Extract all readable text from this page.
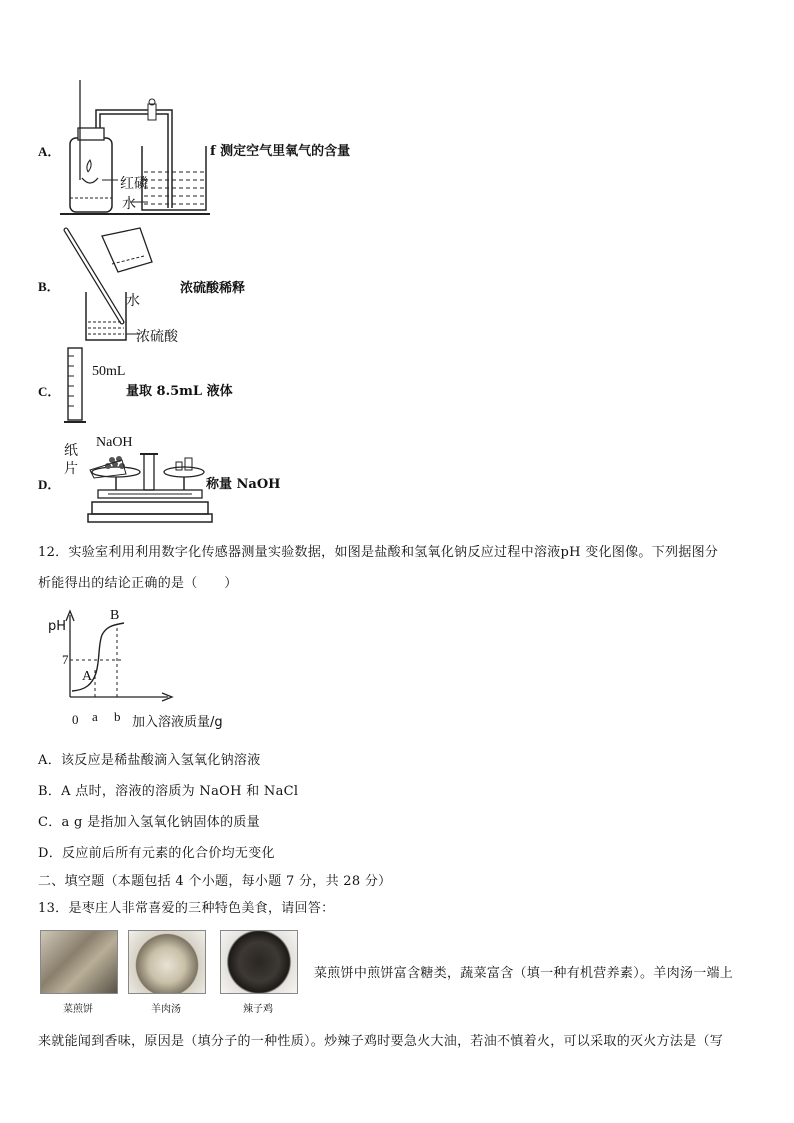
A．
红磷
水
f 测定空气里氧气的含量
B．
水
浓硫酸
浓硫酸稀释
C．
50mL
量取 8.5mL 液体
D．
纸
片
NaOH
称量 NaOH
12．实验室利用利用数字化传感器测量实验数据，如图是盐酸和氢氧化钠反应过程中溶液pH 变化图像。下列据图分
析能得出的结论正确的是（　　）
pH
7
A
B
0 a b 加入溶液质量/g
A．该反应是稀盐酸滴入氢氧化钠溶液
B．A 点时，溶液的溶质为 NaOH 和 NaCl
C．a g 是指加入氢氧化钠固体的质量
D．反应前后所有元素的化合价均无变化
二、填空题（本题包括 4 个小题，每小题 7 分，共 28 分）
13．是枣庄人非常喜爱的三种特色美食，请回答：
菜煎饼	羊肉汤	辣子鸡
菜煎饼中煎饼富含糖类，蔬菜富含（填一种有机营养素）。羊肉汤一端上
来就能闻到香味，原因是（填分子的一种性质）。炒辣子鸡时要急火大油，若油不慎着火，可以采取的灭火方法是（写
